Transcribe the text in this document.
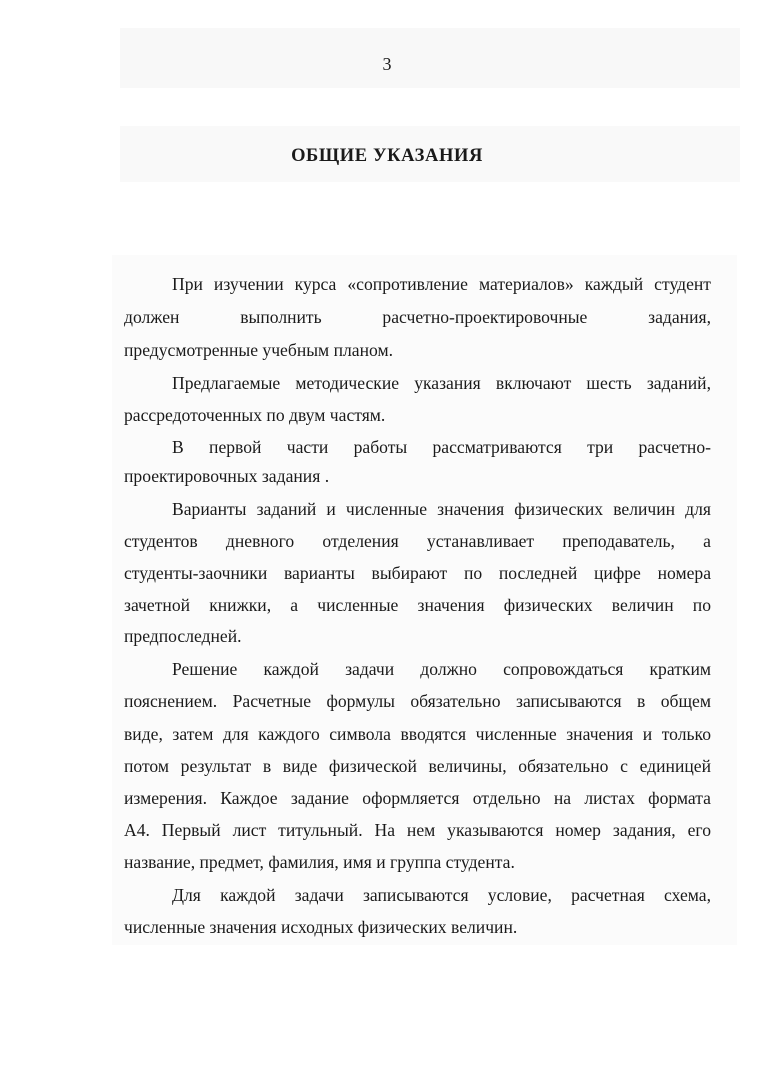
3
ОБЩИЕ УКАЗАНИЯ
При изучении курса «сопротивление материалов» каждый студент
должен выполнить расчетно-проектировочные задания,
предусмотренные учебным планом.
Предлагаемые методические указания включают шесть заданий,
рассредоточенных по двум частям.
В первой части работы рассматриваются три расчетно-
проектировочных задания .
Варианты заданий и численные значения физических величин для
студентов дневного отделения устанавливает преподаватель, а
студенты-заочники варианты выбирают по последней цифре номера
зачетной книжки, а численные значения физических величин по
предпоследней.
Решение каждой задачи должно сопровождаться кратким
пояснением. Расчетные формулы обязательно записываются в общем
виде, затем для каждого символа вводятся численные значения и только
потом результат в виде физической величины, обязательно с единицей
измерения. Каждое задание оформляется отдельно на листах формата
А4. Первый лист титульный. На нем указываются номер задания, его
название, предмет, фамилия, имя и группа студента.
Для каждой задачи записываются условие, расчетная схема,
численные значения исходных физических величин.
